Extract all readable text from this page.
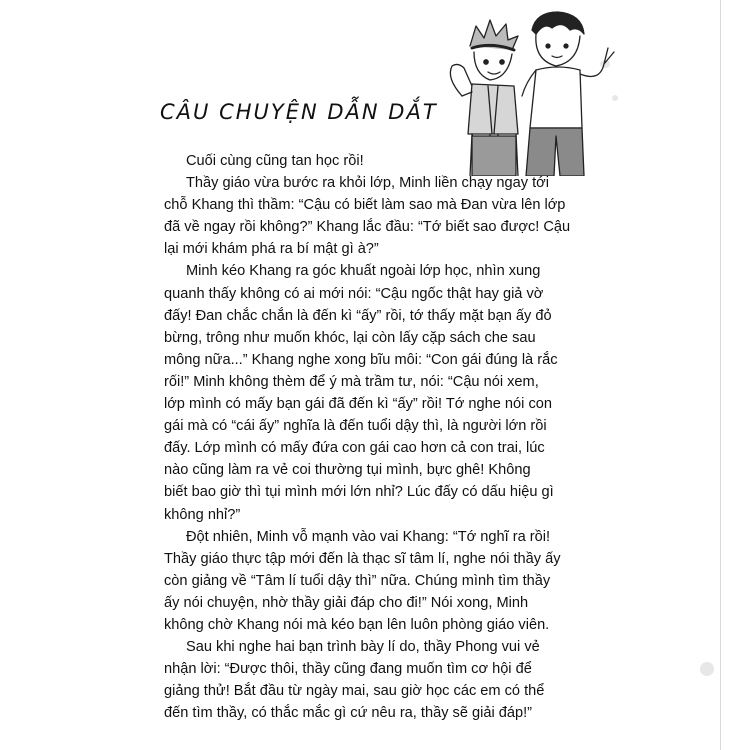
CÂU CHUYỆN DẪN DẮT

Cuối cùng cũng tan học rồi!

Thầy giáo vừa bước ra khỏi lớp, Minh liền chạy ngay tới
chỗ Khang thì thầm: “Cậu có biết làm sao mà Đan vừa lên lớp
đã về ngay rồi không?” Khang lắc đầu: “Tớ biết sao được! Cậu
lại mới khám phá ra bí mật gì à?”

Minh kéo Khang ra góc khuất ngoài lớp học, nhìn xung
quanh thấy không có ai mới nói: “Cậu ngốc thật hay giả vờ
đấy! Đan chắc chắn là đến kì “ấy” rồi, tớ thấy mặt bạn ấy đỏ
bừng, trông như muốn khóc, lại còn lấy cặp sách che sau
mông nữa...” Khang nghe xong bĩu môi: “Con gái đúng là rắc
rối!” Minh không thèm để ý mà trầm tư, nói: “Cậu nói xem,
lớp mình có mấy bạn gái đã đến kì “ấy” rồi! Tớ nghe nói con
gái mà có “cái ấy” nghĩa là đến tuổi dậy thì, là người lớn rồi
đấy. Lớp mình có mấy đứa con gái cao hơn cả con trai, lúc
nào cũng làm ra vẻ coi thường tụi mình, bực ghê! Không
biết bao giờ thì tụi mình mới lớn nhỉ? Lúc đấy có dấu hiệu gì
không nhỉ?”

Đột nhiên, Minh vỗ mạnh vào vai Khang: “Tớ nghĩ ra rồi!
Thầy giáo thực tập mới đến là thạc sĩ tâm lí, nghe nói thầy ấy
còn giảng về “Tâm lí tuổi dậy thì” nữa. Chúng mình tìm thầy
ấy nói chuyện, nhờ thầy giải đáp cho đi!” Nói xong, Minh
không chờ Khang nói mà kéo bạn lên luôn phòng giáo viên.

Sau khi nghe hai bạn trình bày lí do, thầy Phong vui vẻ
nhận lời: “Được thôi, thầy cũng đang muốn tìm cơ hội để
giảng thử! Bắt đầu từ ngày mai, sau giờ học các em có thể
đến tìm thầy, có thắc mắc gì cứ nêu ra, thầy sẽ giải đáp!”
